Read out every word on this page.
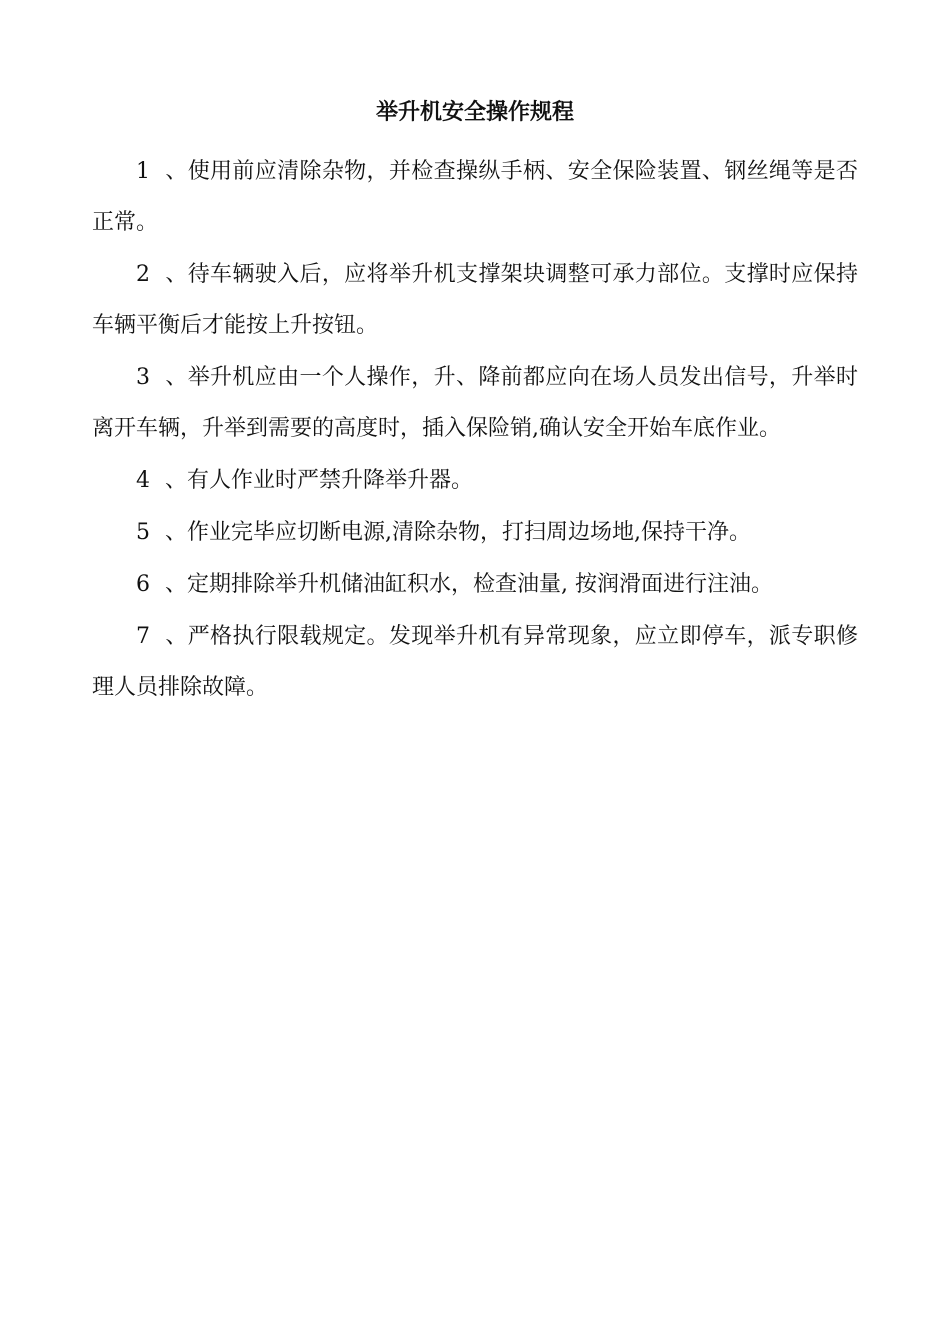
举升机安全操作规程

1 、使用前应清除杂物，并检查操纵手柄、安全保险装置、钢丝绳等是否正常。

2 、待车辆驶入后，应将举升机支撑架块调整可承力部位。支撑时应保持车辆平衡后才能按上升按钮。

3 、举升机应由一个人操作，升、降前都应向在场人员发出信号，升举时离开车辆，升举到需要的高度时，插入保险销,确认安全开始车底作业。

4 、有人作业时严禁升降举升器。

5 、作业完毕应切断电源,清除杂物，打扫周边场地,保持干净。

6 、定期排除举升机储油缸积水，检查油量, 按润滑面进行注油。

7 、严格执行限载规定。发现举升机有异常现象，应立即停车，派专职修理人员排除故障。
